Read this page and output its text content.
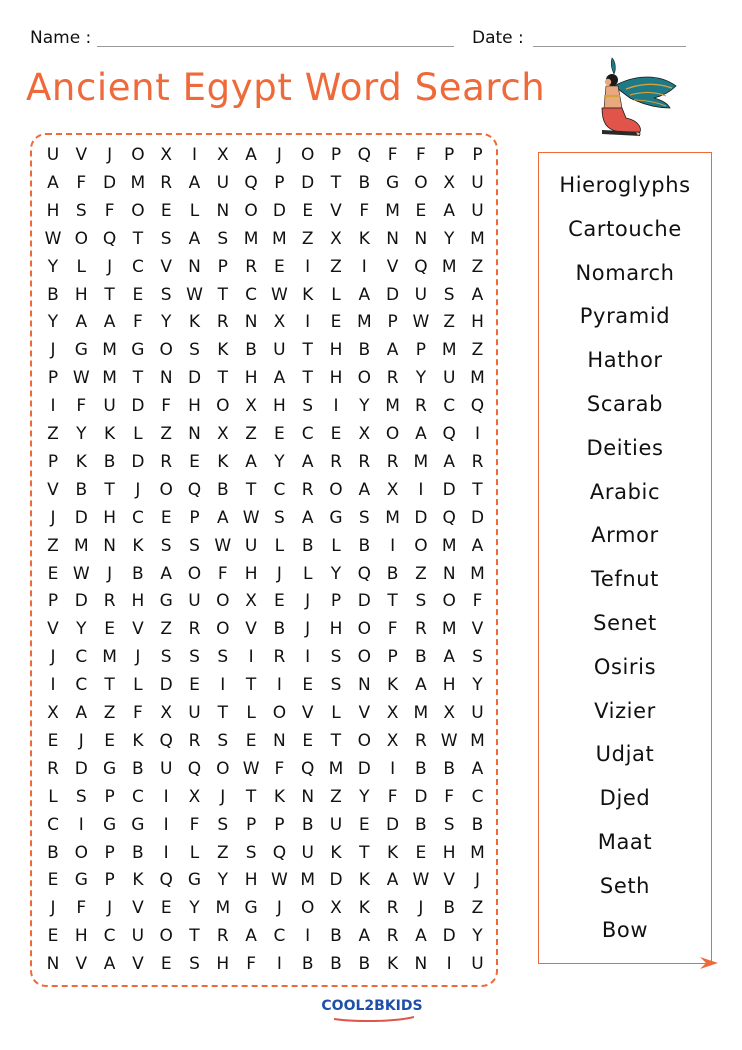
Name :	Date :
Ancient Egypt Word Search
U V	J	O X	I	X A	J	O P Q F	F	P P
A	F D M R A U Q P D T B G O X U
H S	F O E	L	N O D E V	F M E A U
W O Q T S A S M M Z X K N N Y M
Y	L	J	C V N P R E	I	Z	I	V Q M Z
B H T E S W T C W K	L	A D U S A
Y A A	F	Y K R N X	I	E M P W Z H
J	G M G O S K B U T H B A P M Z
P W M T N D T H A T H O R Y U M
I	F	U D F	H O X H S	I	Y M R C Q
Z Y K	L	Z N X Z E C E X O A Q	I
P K B D R E K A Y A R R R M A R
V B T	J	O Q B T C R O A X	I	D T
J	D H C E P A W S A G S M D Q D
Z M N K S S W U	L	B	L	B	I	O M A
E W	J	B A O F	H	J	L	Y Q B Z N M
P D R H G U O X E	J	P D T S O F
V Y E V Z R O V B	J	H O F	R M V
J	C M	J	S S S	I	R	I	S O P B A S
I	C T	L	D E	I	T	I	E S N K A H Y
X A Z	F	X U T	L O V	L	V X M X U
E	J	E K Q R S E N E T O X R W M
R D G B U Q O W F Q M D	I	B B A
L	S P C	I	X	J	T K N Z Y	F D F	C
C	I	G G	I	F	S P P B U E D B S B
B O P B	I	L	Z S Q U K T K E H M
E G P K Q G Y H W M D K A W V	J
J	F	J	V E Y M G	J	O X K R	J	B Z
E H C U O T R A C	I	B A R A D Y
N V A V E S H	F	I	B B B K N	I	U
Hieroglyphs
Cartouche
Nomarch
Pyramid
Hathor
Scarab
Deities
Arabic
Armor
Tefnut
Senet
Osiris
Vizier
Udjat
Djed
Maat
Seth
Bow
COOL2BKIDS
